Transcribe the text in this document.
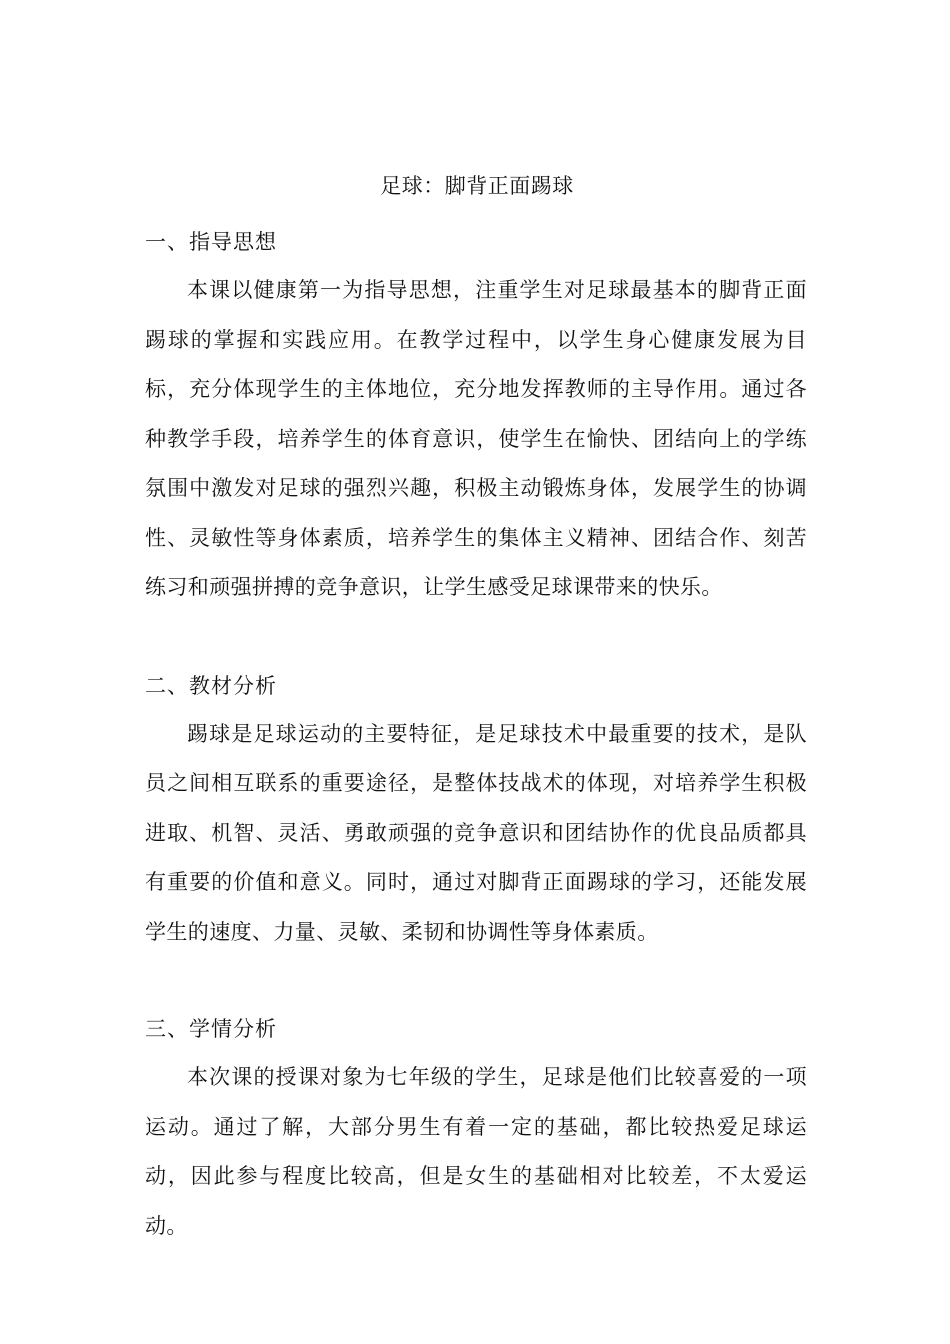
足球：脚背正面踢球
一、指导思想

本课以健康第一为指导思想，注重学生对足球最基本的脚背正面踢球的掌握和实践应用。在教学过程中，以学生身心健康发展为目标，充分体现学生的主体地位，充分地发挥教师的主导作用。通过各种教学手段，培养学生的体育意识，使学生在愉快、团结向上的学练氛围中激发对足球的强烈兴趣，积极主动锻炼身体，发展学生的协调性、灵敏性等身体素质，培养学生的集体主义精神、团结合作、刻苦练习和顽强拼搏的竞争意识，让学生感受足球课带来的快乐。

二、教材分析

踢球是足球运动的主要特征，是足球技术中最重要的技术，是队员之间相互联系的重要途径，是整体技战术的体现，对培养学生积极进取、机智、灵活、勇敢顽强的竞争意识和团结协作的优良品质都具有重要的价值和意义。同时，通过对脚背正面踢球的学习，还能发展学生的速度、力量、灵敏、柔韧和协调性等身体素质。

三、学情分析

本次课的授课对象为七年级的学生，足球是他们比较喜爱的一项运动。通过了解，大部分男生有着一定的基础，都比较热爱足球运动，因此参与程度比较高，但是女生的基础相对比较差，不太爱运动。
